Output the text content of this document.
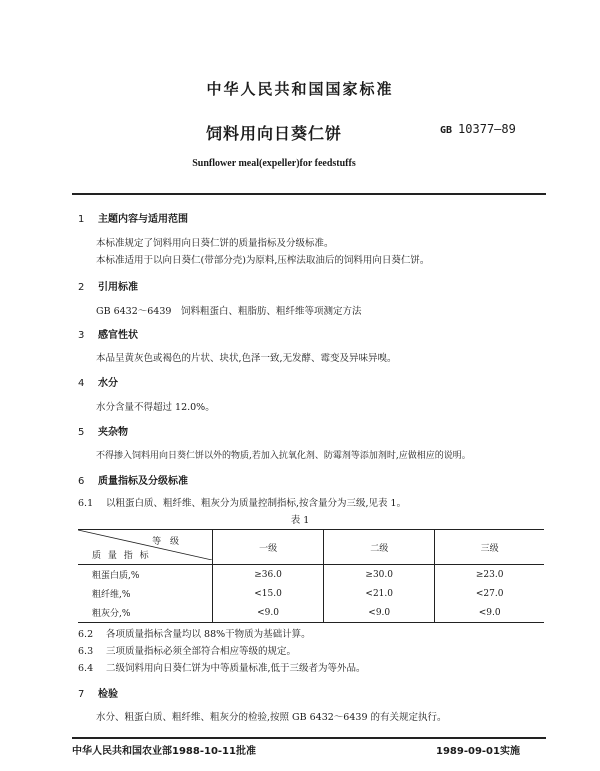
中华人民共和国国家标准
饲料用向日葵仁饼	GB 10377—89
Sunflower meal(expeller)for feedstuffs
1 主题内容与适用范围
本标准规定了饲料用向日葵仁饼的质量指标及分级标准。
本标准适用于以向日葵仁(带部分壳)为原料,压榨法取油后的饲料用向日葵仁饼。
2 引用标准
GB 6432～6439　饲料粗蛋白、粗脂肪、粗纤维等项测定方法
3 感官性状
本品呈黄灰色或褐色的片状、块状,色泽一致,无发酵、霉变及异味异嗅。
4 水分
水分含量不得超过 12.0%。
5 夹杂物
不得掺入饲料用向日葵仁饼以外的物质,若加入抗氧化剂、防霉剂等添加剂时,应做相应的说明。
6 质量指标及分级标准
6.1 以粗蛋白质、粗纤维、粗灰分为质量控制指标,按含量分为三级,见表 1。
表 1
等 级
质 量 指 标	一级	二级	三级
粗蛋白质,%	≥36.0	≥30.0	≥23.0
粗纤维,%	<15.0	<21.0	<27.0
粗灰分,%	<9.0	<9.0	<9.0
6.2 各项质量指标含量均以 88%干物质为基础计算。
6.3 三项质量指标必须全部符合相应等级的规定。
6.4 二级饲料用向日葵仁饼为中等质量标准,低于三级者为等外品。
7 检验
水分、粗蛋白质、粗纤维、粗灰分的检验,按照 GB 6432～6439 的有关规定执行。
中华人民共和国农业部1988-10-11批准	1989-09-01实施
